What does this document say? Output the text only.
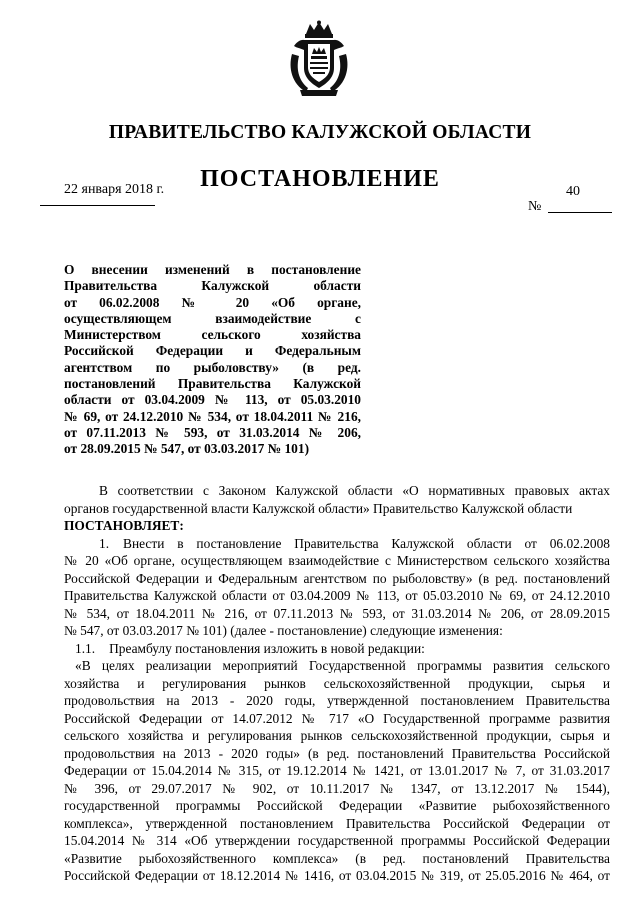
ПРАВИТЕЛЬСТВО КАЛУЖСКОЙ ОБЛАСТИ
ПОСТАНОВЛЕНИЕ
22 января 2018 г.	40
№
О внесении изменений в постановление
Правительства Калужской области
от 06.02.2008 № 20 «Об органе,
осуществляющем взаимодействие с
Министерством сельского хозяйства
Российской Федерации и Федеральным
агентством по рыболовству» (в ред.
постановлений Правительства Калужской
области от 03.04.2009 № 113, от 05.03.2010
№ 69, от 24.12.2010 № 534, от 18.04.2011 № 216,
от 07.11.2013 № 593, от 31.03.2014 № 206,
от 28.09.2015 № 547, от 03.03.2017 № 101)

В соответствии с Законом Калужской области «О нормативных правовых актах
органов государственной власти Калужской области» Правительство Калужской области
ПОСТАНОВЛЯЕТ:

1. Внести в постановление Правительства Калужской области от 06.02.2008
№ 20 «Об органе, осуществляющем взаимодействие с Министерством сельского хозяйства
Российской Федерации и Федеральным агентством по рыболовству» (в ред. постановлений
Правительства Калужской области от 03.04.2009 № 113, от 05.03.2010 № 69, от 24.12.2010
№ 534, от 18.04.2011 № 216, от 07.11.2013 № 593, от 31.03.2014 № 206, от 28.09.2015
№ 547, от 03.03.2017 № 101) (далее - постановление) следующие изменения:

1.1. Преамбулу постановления изложить в новой редакции:

«В целях реализации мероприятий Государственной программы развития сельского
хозяйства и регулирования рынков сельскохозяйственной продукции, сырья и
продовольствия на 2013 - 2020 годы, утвержденной постановлением Правительства
Российской Федерации от 14.07.2012 № 717 «О Государственной программе развития
сельского хозяйства и регулирования рынков сельскохозяйственной продукции, сырья и
продовольствия на 2013 - 2020 годы» (в ред. постановлений Правительства Российской
Федерации от 15.04.2014 № 315, от 19.12.2014 № 1421, от 13.01.2017 № 7, от 31.03.2017
№ 396, от 29.07.2017 № 902, от 10.11.2017 № 1347, от 13.12.2017 № 1544),
государственной программы Российской Федерации «Развитие рыбохозяйственного
комплекса», утвержденной постановлением Правительства Российской Федерации от
15.04.2014 № 314 «Об утверждении государственной программы Российской Федерации
«Развитие рыбохозяйственного комплекса» (в ред. постановлений Правительства
Российской Федерации от 18.12.2014 № 1416, от 03.04.2015 № 319, от 25.05.2016 № 464, от
